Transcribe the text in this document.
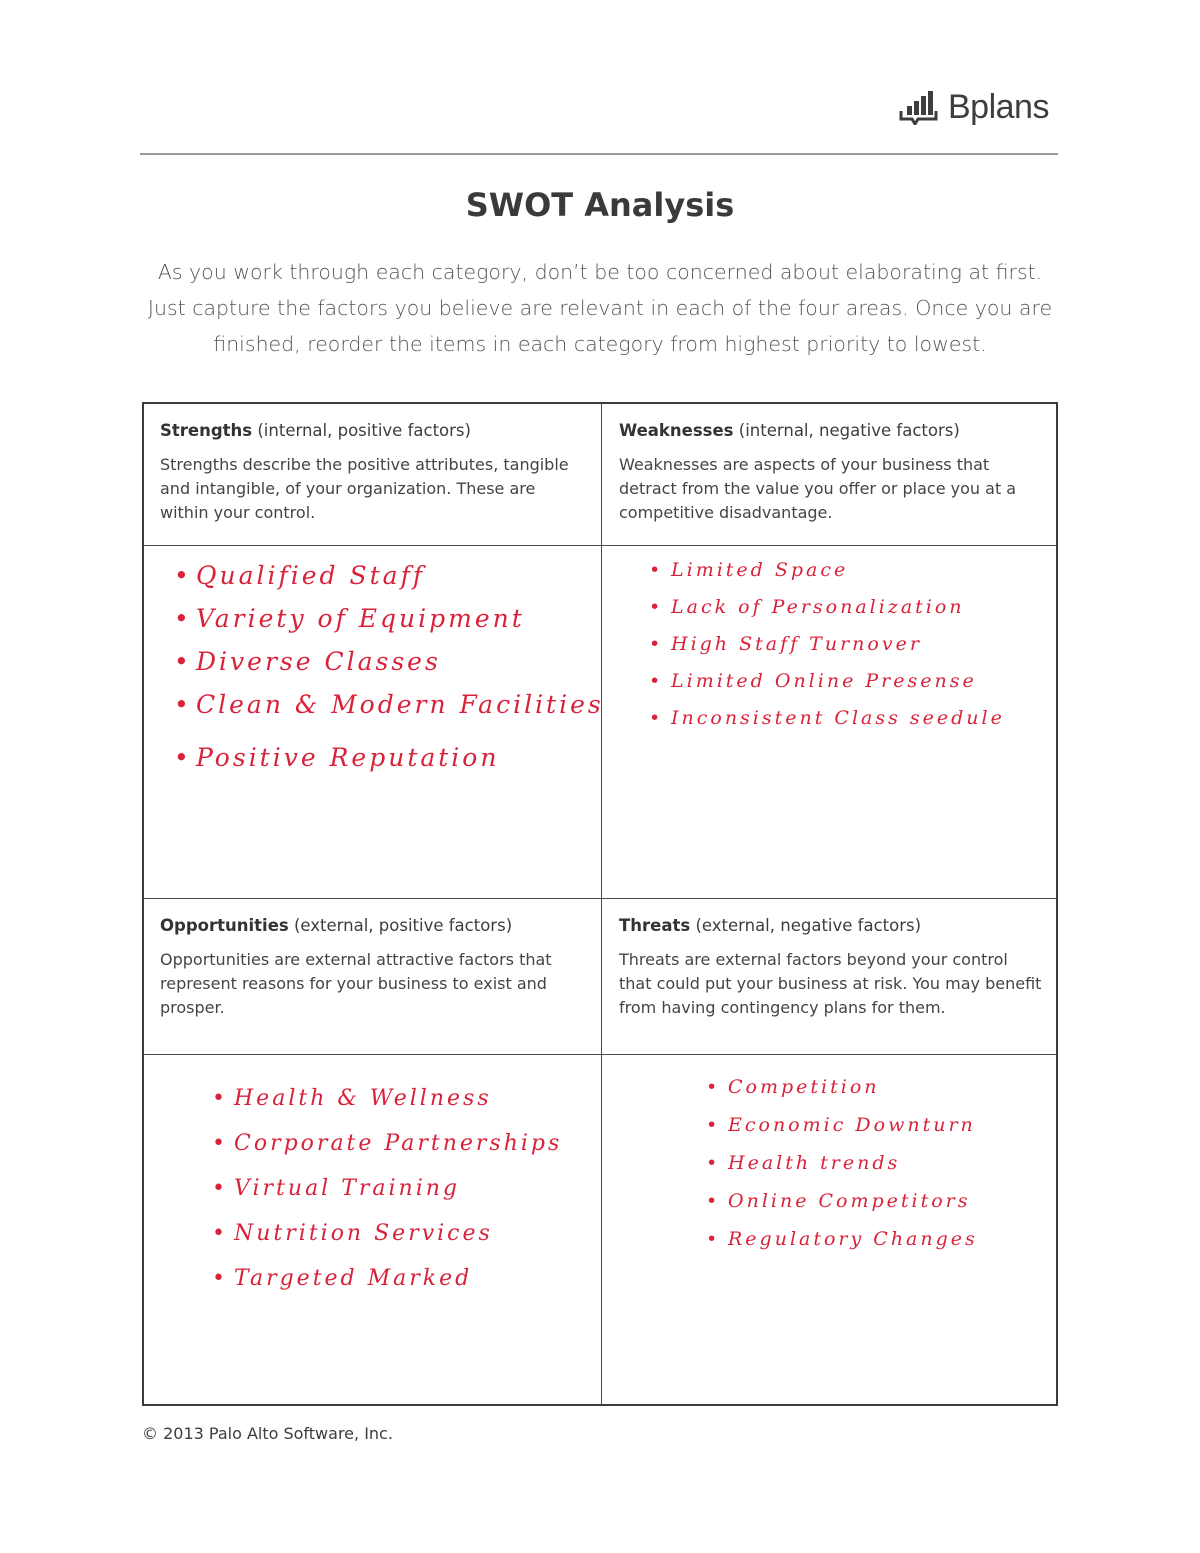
Bplans
SWOT Analysis
As you work through each category, don’t be too concerned about elaborating at first. Just capture the factors you believe are relevant in each of the four areas. Once you are finished, reorder the items in each category from highest priority to lowest.

Strengths (internal, positive factors)

Strengths describe the positive attributes, tangible and intangible, of your organization. These are within your control.

Weaknesses (internal, negative factors)

Weaknesses are aspects of your business that detract from the value you offer or place you at a competitive disadvantage.

• Qualified Staff
• Variety of Equipment
• Diverse Classes
• Clean & Modern Facilities
• Positive Reputation
• Limited Space
• Lack of Personalization
• High Staff Turnover
• Limited Online Presense
• Inconsistent Class seedule

Opportunities (external, positive factors)

Opportunities are external attractive factors that represent reasons for your business to exist and prosper.

Threats (external, negative factors)

Threats are external factors beyond your control that could put your business at risk. You may benefit from having contingency plans for them.

• Health & Wellness
• Corporate Partnerships
• Virtual Training
• Nutrition Services
• Targeted Marked
• Competition
• Economic Downturn
• Health trends
• Online Competitors
• Regulatory Changes
© 2013 Palo Alto Software, Inc.
